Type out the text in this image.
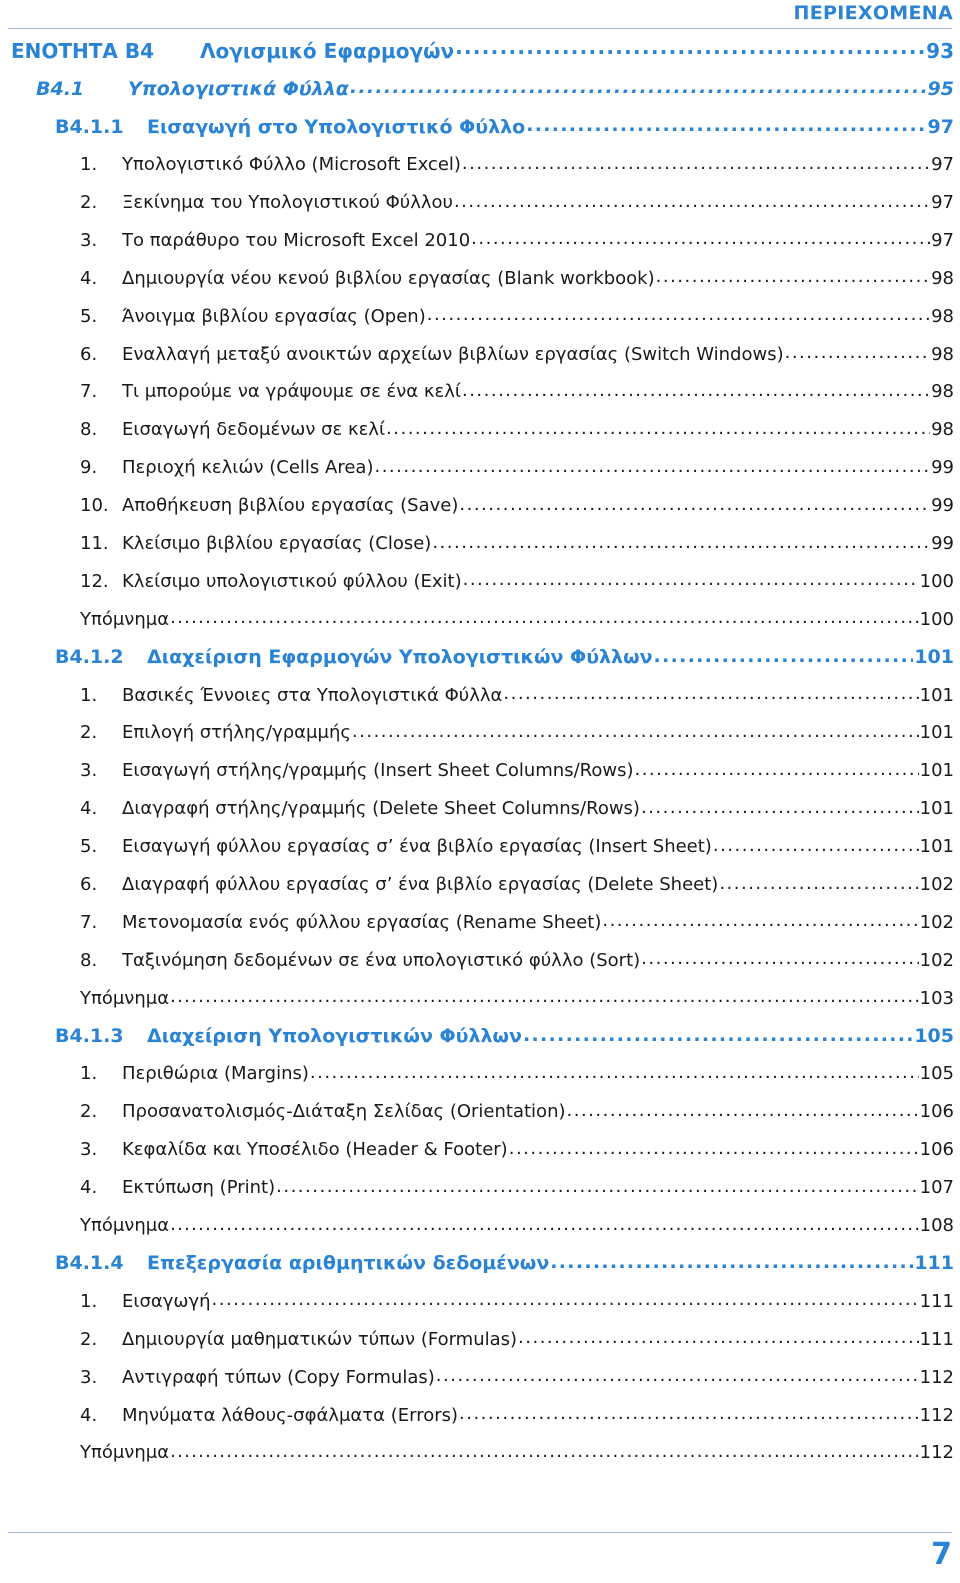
ΠΕΡΙΕΧΟΜΕΝΑ
ΕΝΟΤΗΤΑ Β4	Λογισμικό Εφαρμογών .....	93
Β4.1	Υπολογιστικά Φύλλα .....	95
Β4.1.1	Εισαγωγή στο Υπολογιστικό Φύλλο .....	97
1.	Υπολογιστικό Φύλλο (Microsoft Excel) .....	97
2.	Ξεκίνημα του Υπολογιστικού Φύλλου .....	97
3.	Το παράθυρο του Microsoft Excel 2010 .....	97
4.	Δημιουργία νέου κενού βιβλίου εργασίας (Blank workbook) .....	98
5.	Άνοιγμα βιβλίου εργασίας (Open) .....	98
6.	Εναλλαγή μεταξύ ανοικτών αρχείων βιβλίων εργασίας (Switch Windows) .....	98
7.	Τι μπορούμε να γράψουμε σε ένα κελί .....	98
8.	Εισαγωγή δεδομένων σε κελί .....	98
9.	Περιοχή κελιών (Cells Area) .....	99
10. Αποθήκευση βιβλίου εργασίας (Save) .....	99
11. Κλείσιμο βιβλίου εργασίας (Close) .....	99
12. Κλείσιμο υπολογιστικού φύλλου (Exit) .....	100
Υπόμνημα .....	100
Β4.1.2	Διαχείριση Εφαρμογών Υπολογιστικών Φύλλων .....	101
1.	Βασικές Έννοιες στα Υπολογιστικά Φύλλα .....	101
2.	Επιλογή στήλης/γραμμής .....	101
3.	Εισαγωγή στήλης/γραμμής (Insert Sheet Columns/Rows) .....	101
4.	Διαγραφή στήλης/γραμμής (Delete Sheet Columns/Rows) .....	101
5.	Εισαγωγή φύλλου εργασίας σ’ ένα βιβλίο εργασίας (Insert Sheet) .....	101
6.	Διαγραφή φύλλου εργασίας σ’ ένα βιβλίο εργασίας (Delete Sheet) .....	102
7.	Μετονομασία ενός φύλλου εργασίας (Rename Sheet) .....	102
8.	Ταξινόμηση δεδομένων σε ένα υπολογιστικό φύλλο (Sort) .....	102
Υπόμνημα .....	103
Β4.1.3	Διαχείριση Υπολογιστικών Φύλλων .....	105
1.	Περιθώρια (Margins) .....	105
2.	Προσανατολισμός-Διάταξη Σελίδας (Orientation) .....	106
3.	Κεφαλίδα και Υποσέλιδο (Header & Footer) .....	106
4.	Εκτύπωση (Print) .....	107
Υπόμνημα .....	108
Β4.1.4	Επεξεργασία αριθμητικών δεδομένων .....	111
1.	Εισαγωγή .....	111
2.	Δημιουργία μαθηματικών τύπων (Formulas) .....	111
3.	Αντιγραφή τύπων (Copy Formulas) .....	112
4.	Μηνύματα λάθους-σφάλματα (Errors) .....	112
Υπόμνημα .....	112
7
